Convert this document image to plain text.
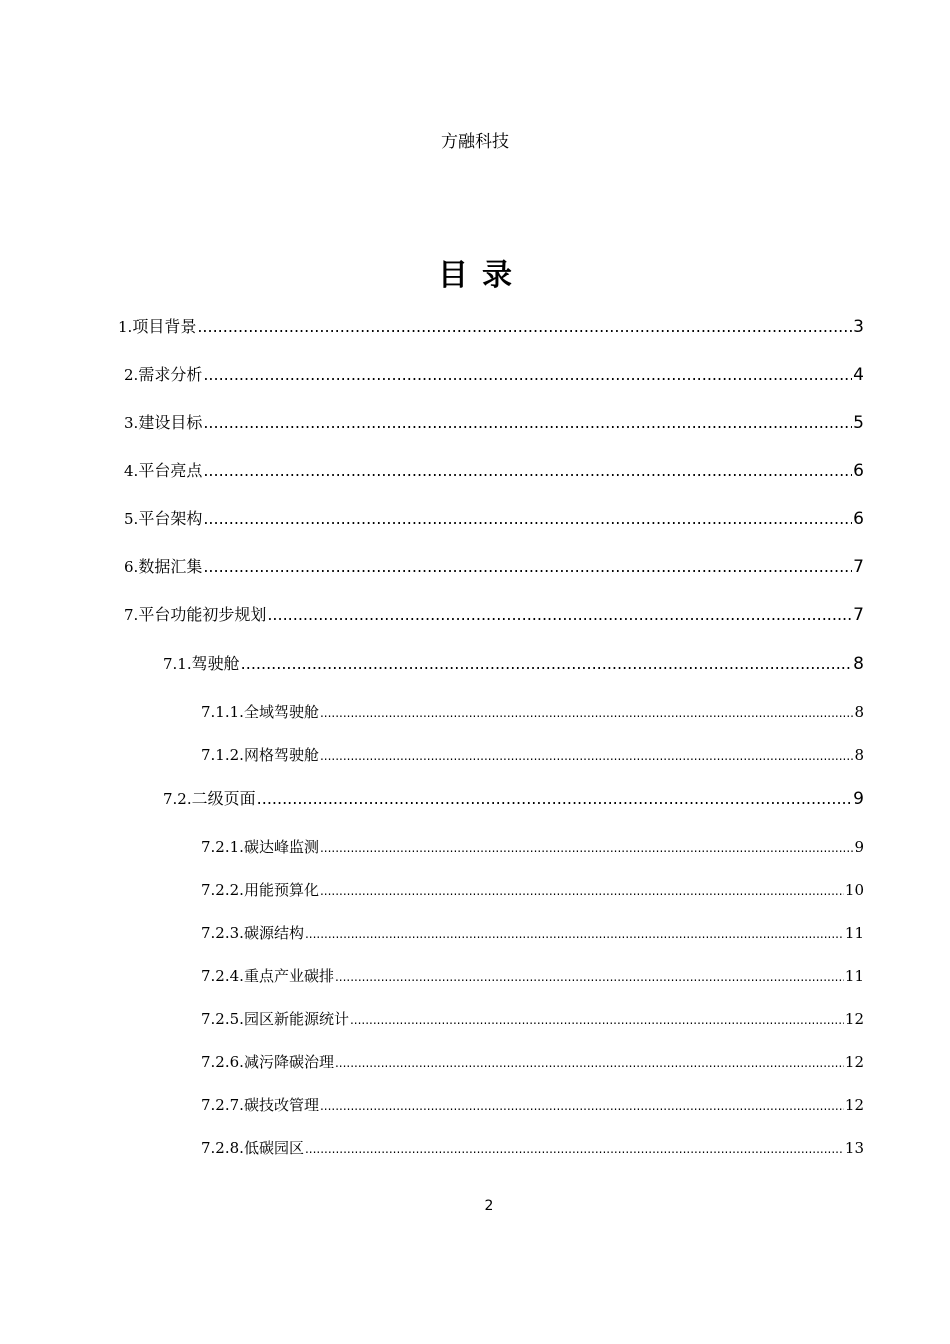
方融科技
目录
1. 项目背景 .....	3
2. 需求分析 .....	4
3. 建设目标 .....	5
4. 平台亮点 .....	6
5. 平台架构 .....	6
6. 数据汇集 .....	7
7. 平台功能初步规划 .....	7
7.1. 驾驶舱 .....	8
7.1.1. 全域驾驶舱 .....	8
7.1.2. 网格驾驶舱 .....	8
7.2. 二级页面 .....	9
7.2.1. 碳达峰监测 .....	9
7.2.2. 用能预算化 .....	10
7.2.3. 碳源结构 .....	11
7.2.4. 重点产业碳排 .....	11
7.2.5. 园区新能源统计 .....	12
7.2.6. 减污降碳治理 .....	12
7.2.7. 碳技改管理 .....	12
7.2.8. 低碳园区 .....	13
2
